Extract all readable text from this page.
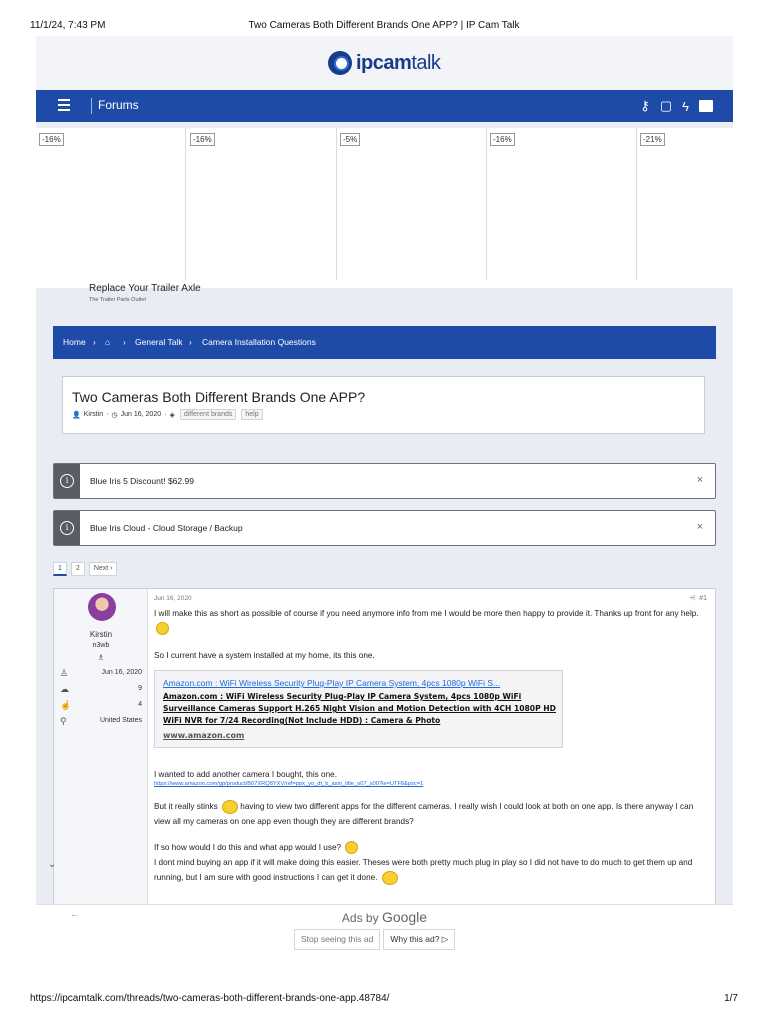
11/1/24, 7:43 PM	Two Cameras Both Different Brands One APP? | IP Cam Talk
ipcamtalk
Forums	⚷ ▢ ϟ
-16%	-16%	-5%	-16%	-21%
Replace Your Trailer Axle
The Trailer Parts Outlet
Home › ⌂ › General Talk › Camera Installation Questions
Two Cameras Both Different Brands One APP?
👤 Kirstin · ◷ Jun 16, 2020 · ◈	different brands	help
i	Blue Iris 5 Discount! $62.99	×
i	Blue Iris Cloud - Cloud Storage / Backup	×
1	2	Next ›
Kirstin
n3wb
♗
♙	Jun 16, 2020
☁	9
☝	4
⚲	United States
Jun 16, 2020	⩤ #1
I will make this as short as possible of course if you need anymore info from me I would be more then happy to provide it. Thanks up front for any help.
So I current have a system installed at my home, its this one.
Amazon.com : WiFi Wireless Security Plug-Play IP Camera System, 4pcs 1080p WiFi S...
Amazon.com : WiFi Wireless Security Plug-Play IP Camera System, 4pcs 1080p WiFi Surveillance Cameras Support H.265 Night Vision and Motion Detection with 4CH 1080P HD WiFi NVR for 7/24 Recording(Not Include HDD) : Camera & Photo
www.amazon.com
I wanted to add another camera I bought, this one.
https://www.amazon.com/gp/product/B07XRQ8YXV/ref=ppx_yo_dt_b_asin_title_o07_s00?ie=UTF8&psc=1
But it really stinks	having to view two different apps for the different cameras. I really wish I could look at both on one app. Is there anyway I can view all my cameras on one app even though they are different brands?
If so how would I do this and what app would I use?
I dont mind buying an app if it will make doing this easier. Theses were both pretty much plug in play so I did not have to do much to get them up and running, but I am sure with good instructions I can get it done.
⌄
←	Ads by Google
Stop seeing this ad	Why this ad? ▷
https://ipcamtalk.com/threads/two-cameras-both-different-brands-one-app.48784/	1/7
